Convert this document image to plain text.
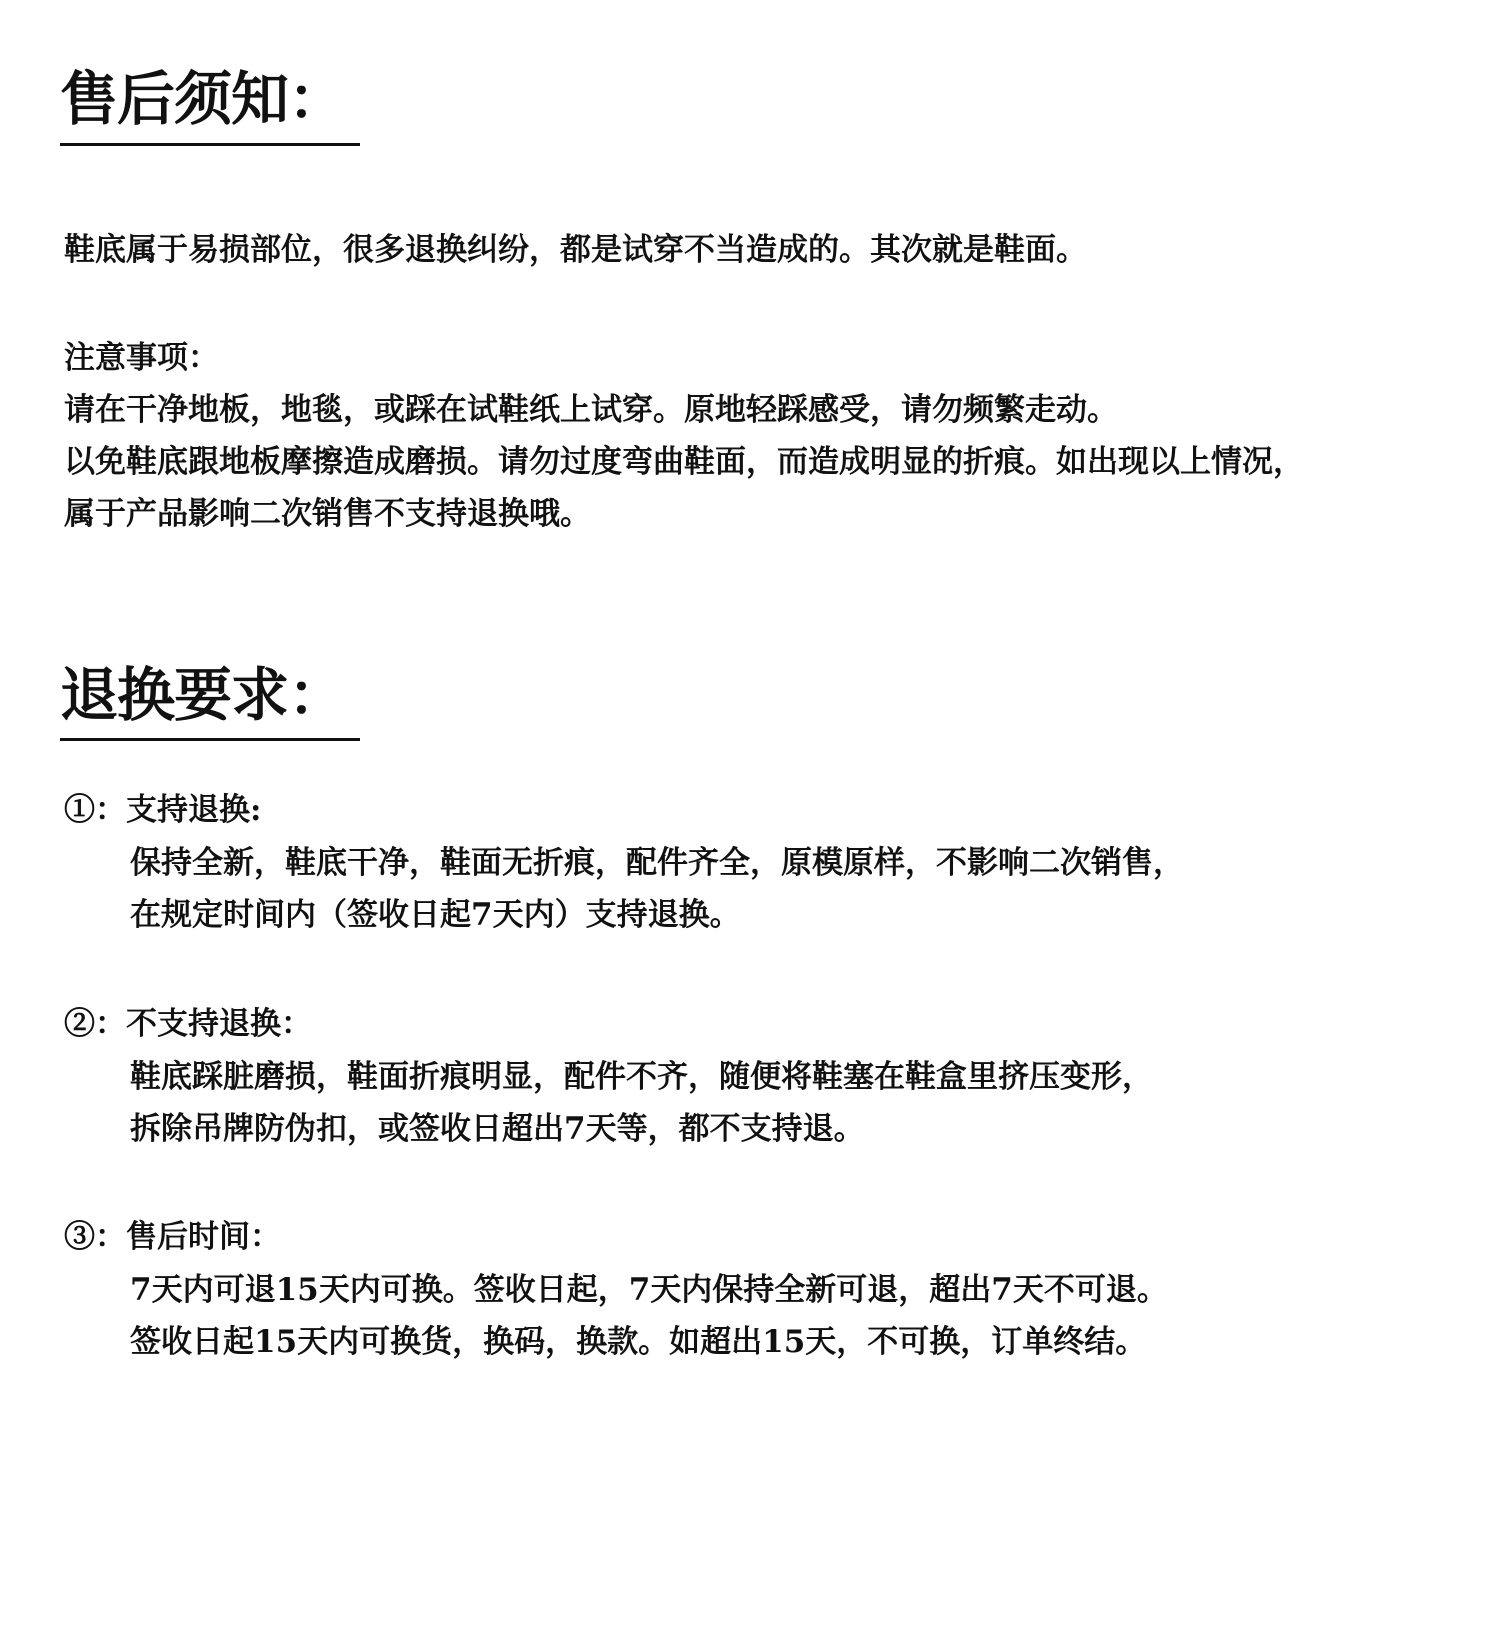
售后须知：

鞋底属于易损部位，很多退换纠纷，都是试穿不当造成的。其次就是鞋面。

注意事项：

请在干净地板，地毯，或踩在试鞋纸上试穿。原地轻踩感受，请勿频繁走动。

以免鞋底跟地板摩擦造成磨损。请勿过度弯曲鞋面，而造成明显的折痕。如出现以上情况，

属于产品影响二次销售不支持退换哦。

退换要求：

①：支持退换:

保持全新，鞋底干净，鞋面无折痕，配件齐全，原模原样，不影响二次销售，

在规定时间内（签收日起7天内）支持退换。

②：不支持退换：

鞋底踩脏磨损，鞋面折痕明显，配件不齐，随便将鞋塞在鞋盒里挤压变形，

拆除吊牌防伪扣，或签收日超出7天等，都不支持退。

③：售后时间：

7天内可退15天内可换。签收日起，7天内保持全新可退，超出7天不可退。

签收日起15天内可换货，换码，换款。如超出15天，不可换，订单终结。
